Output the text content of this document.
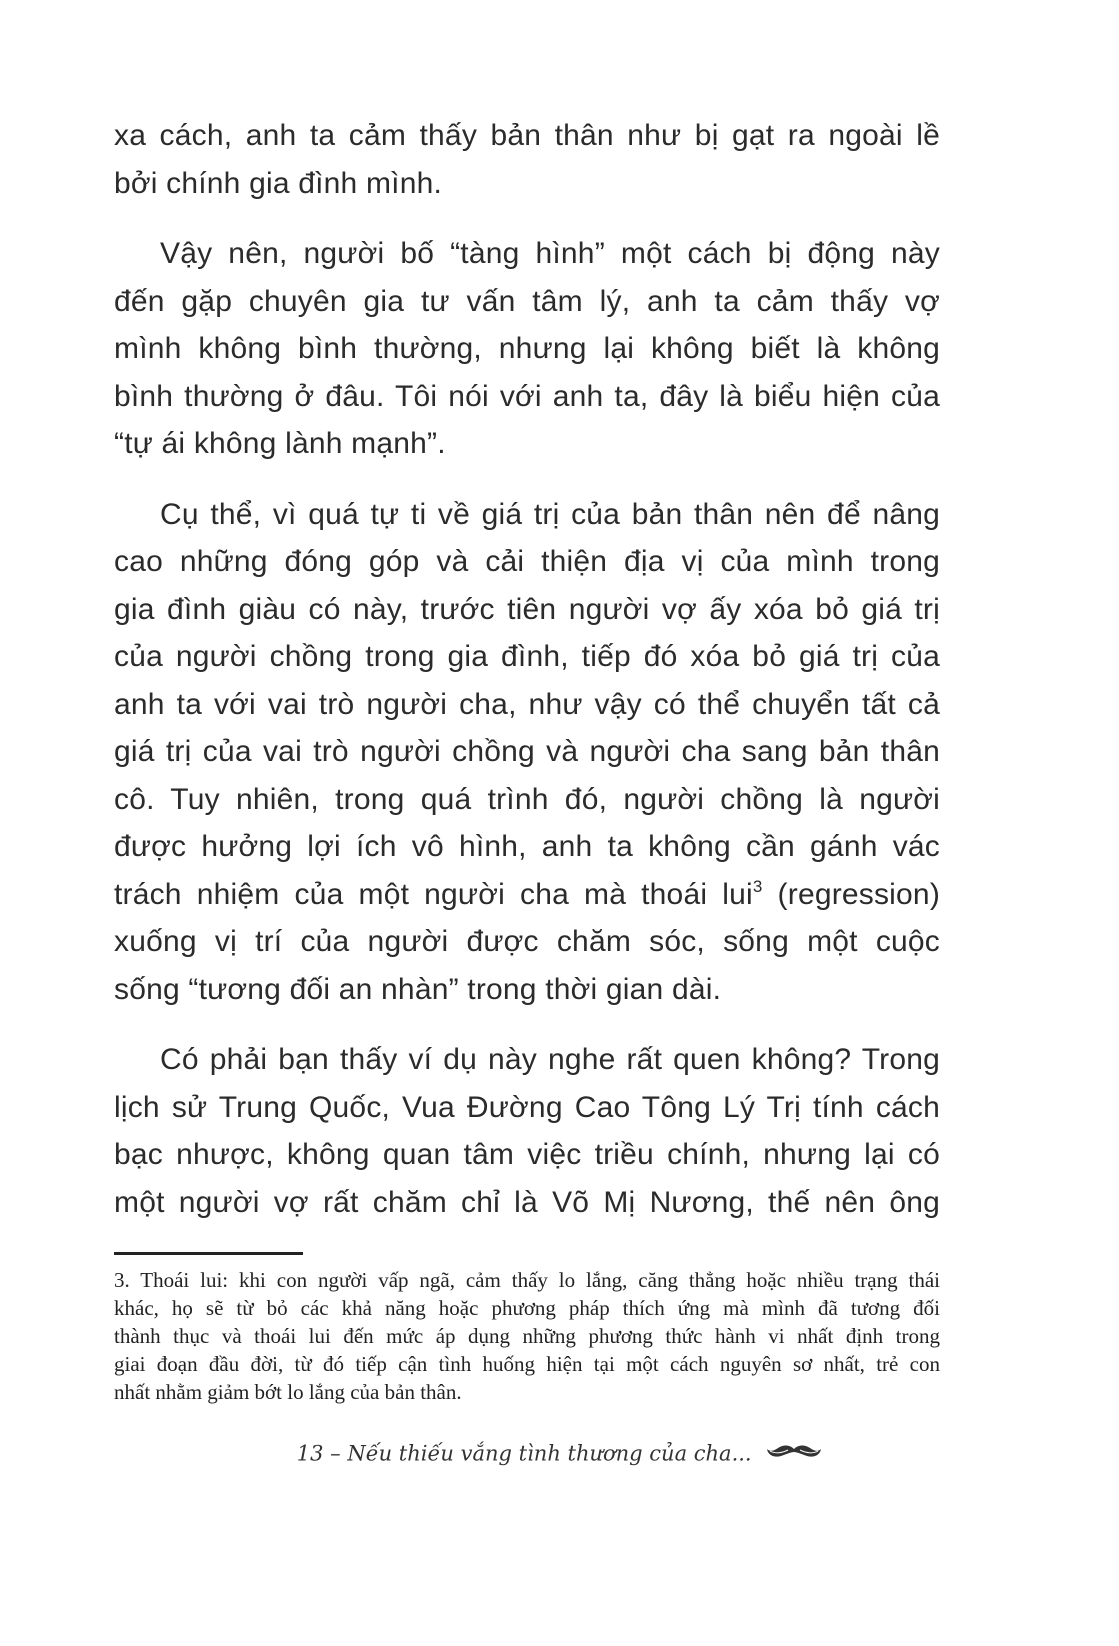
xa cách, anh ta cảm thấy bản thân như bị gạt ra ngoài lề
bởi chính gia đình mình.
Vậy nên, người bố “tàng hình” một cách bị động này
đến gặp chuyên gia tư vấn tâm lý, anh ta cảm thấy vợ
mình không bình thường, nhưng lại không biết là không
bình thường ở đâu. Tôi nói với anh ta, đây là biểu hiện của
“tự ái không lành mạnh”.
Cụ thể, vì quá tự ti về giá trị của bản thân nên để nâng
cao những đóng góp và cải thiện địa vị của mình trong
gia đình giàu có này, trước tiên người vợ ấy xóa bỏ giá trị
của người chồng trong gia đình, tiếp đó xóa bỏ giá trị của
anh ta với vai trò người cha, như vậy có thể chuyển tất cả
giá trị của vai trò người chồng và người cha sang bản thân
cô. Tuy nhiên, trong quá trình đó, người chồng là người
được hưởng lợi ích vô hình, anh ta không cần gánh vác
trách nhiệm của một người cha mà thoái lui$^3$ (regression)
xuống vị trí của người được chăm sóc, sống một cuộc
sống “tương đối an nhàn” trong thời gian dài.
Có phải bạn thấy ví dụ này nghe rất quen không? Trong
lịch sử Trung Quốc, Vua Đường Cao Tông Lý Trị tính cách
bạc nhược, không quan tâm việc triều chính, nhưng lại có
một người vợ rất chăm chỉ là Võ Mị Nương, thế nên ông
3. Thoái lui: khi con người vấp ngã, cảm thấy lo lắng, căng thẳng hoặc nhiều trạng thái
khác, họ sẽ từ bỏ các khả năng hoặc phương pháp thích ứng mà mình đã tương đối
thành thục và thoái lui đến mức áp dụng những phương thức hành vi nhất định trong
giai đoạn đầu đời, từ đó tiếp cận tình huống hiện tại một cách nguyên sơ nhất, trẻ con
nhất nhằm giảm bớt lo lắng của bản thân.
13 – Nếu thiếu vắng tình thương của cha...
